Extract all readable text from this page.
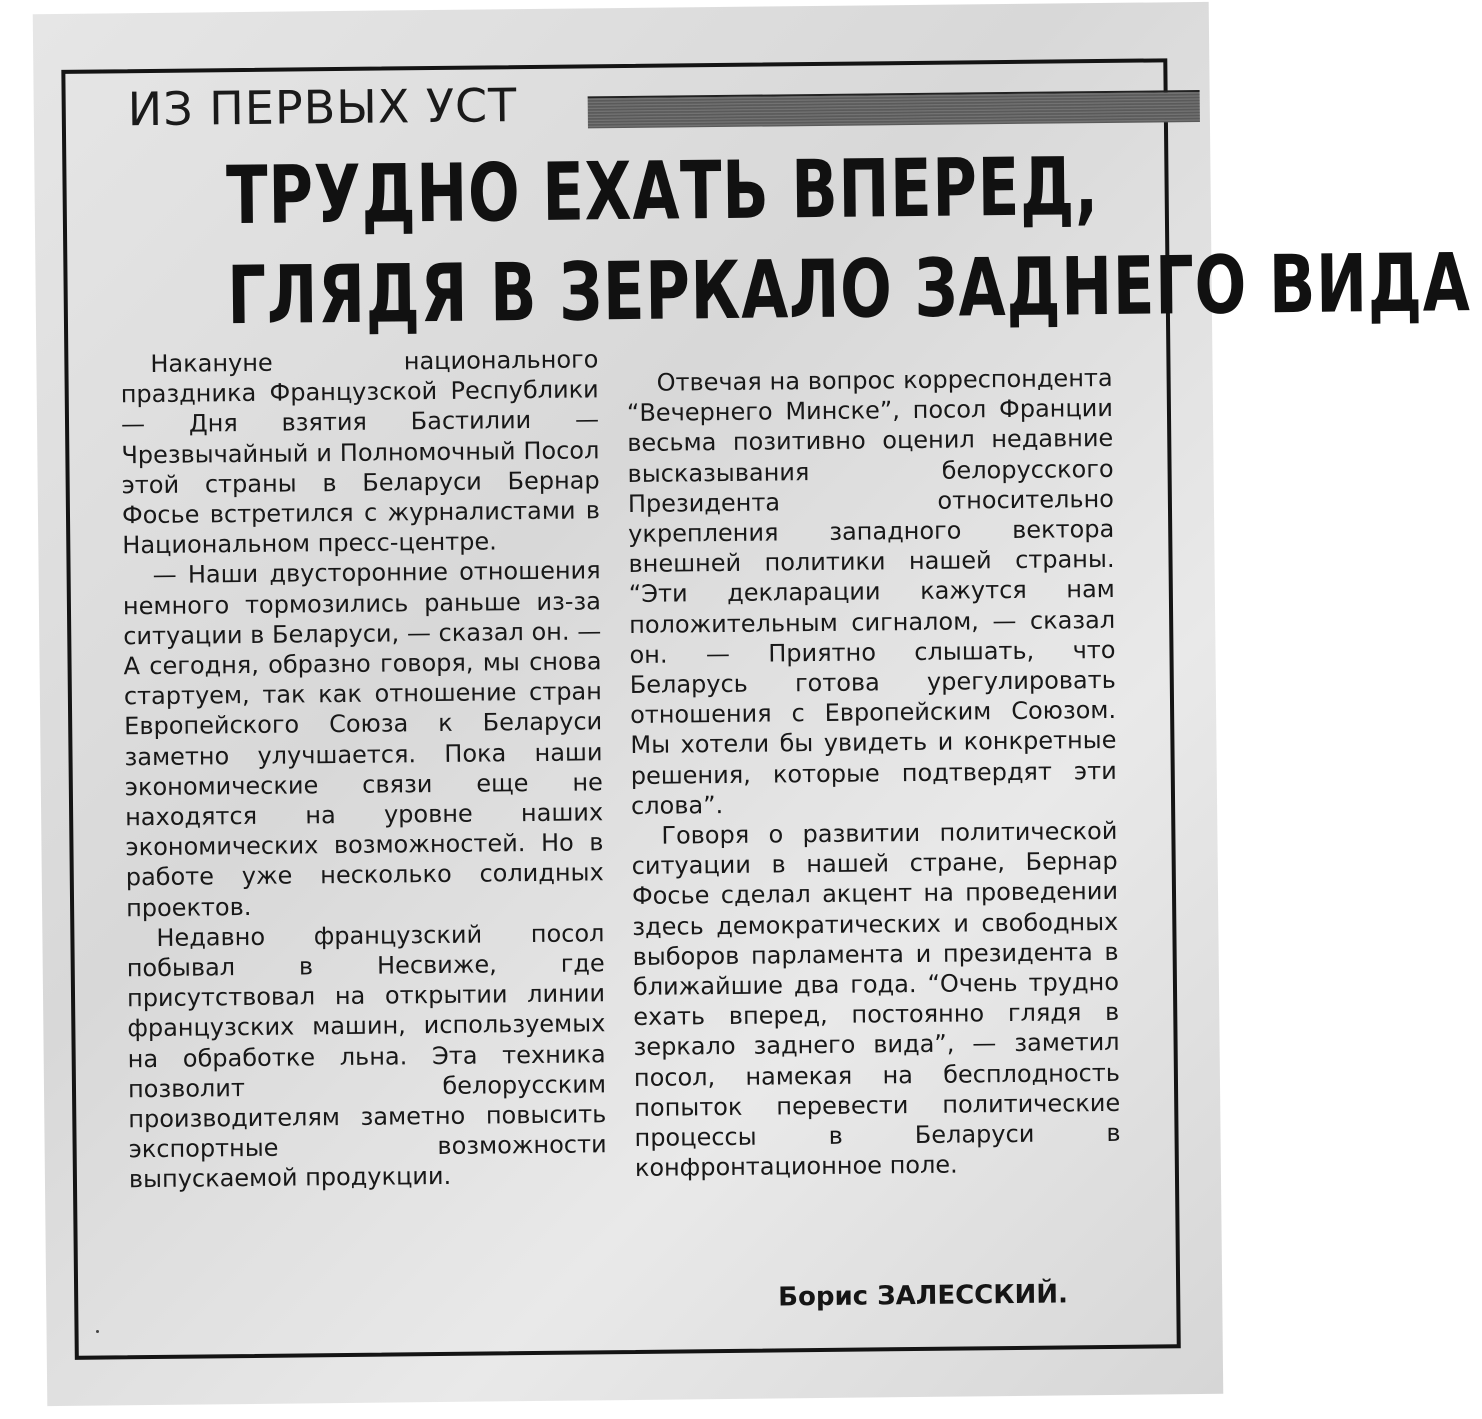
ИЗ ПЕРВЫХ УСТ
ТРУДНО ЕХАТЬ ВПЕРЕД,
ГЛЯДЯ В ЗЕРКАЛО ЗАДНЕГО ВИДА

Накануне национального праздника Французской Республики — Дня взятия Бастилии — Чрезвычайный и Полномочный Посол этой страны в Беларуси Бернар Фосье встретился с журналистами в Национальном пресс-центре.

— Наши двусторонние отношения немного тормозились раньше из-за ситуации в Беларуси, — сказал он. — А сегодня, образно говоря, мы снова стартуем, так как отношение стран Европейского Союза к Беларуси заметно улучшается. Пока наши экономические связи еще не находятся на уровне наших экономических возможностей. Но в работе уже несколько солидных проектов.

Недавно французский посол побывал в Несвиже, где присутствовал на открытии линии французских машин, используемых на обработке льна. Эта техника позволит белорусским производителям заметно повысить экспортные возможности выпускаемой продукции.

Отвечая на вопрос корреспондента “Вечернего Минске”, посол Франции весьма позитивно оценил недавние высказывания белорусского Президента относительно укрепления западного вектора внешней политики нашей страны. “Эти декларации кажутся нам положительным сигналом, — сказал он. — Приятно слышать, что Беларусь готова урегулировать отношения с Европейским Союзом. Мы хотели бы увидеть и конкретные решения, которые подтвердят эти слова”.

Говоря о развитии политической ситуации в нашей стране, Бернар Фосье сделал акцент на проведении здесь демократических и свободных выборов парламента и президента в ближайшие два года. “Очень трудно ехать вперед, постоянно глядя в зеркало заднего вида”, — заметил посол, намекая на бесплодность попыток перевести политические процессы в Беларуси в конфронтационное поле.

Борис ЗАЛЕССКИЙ.
